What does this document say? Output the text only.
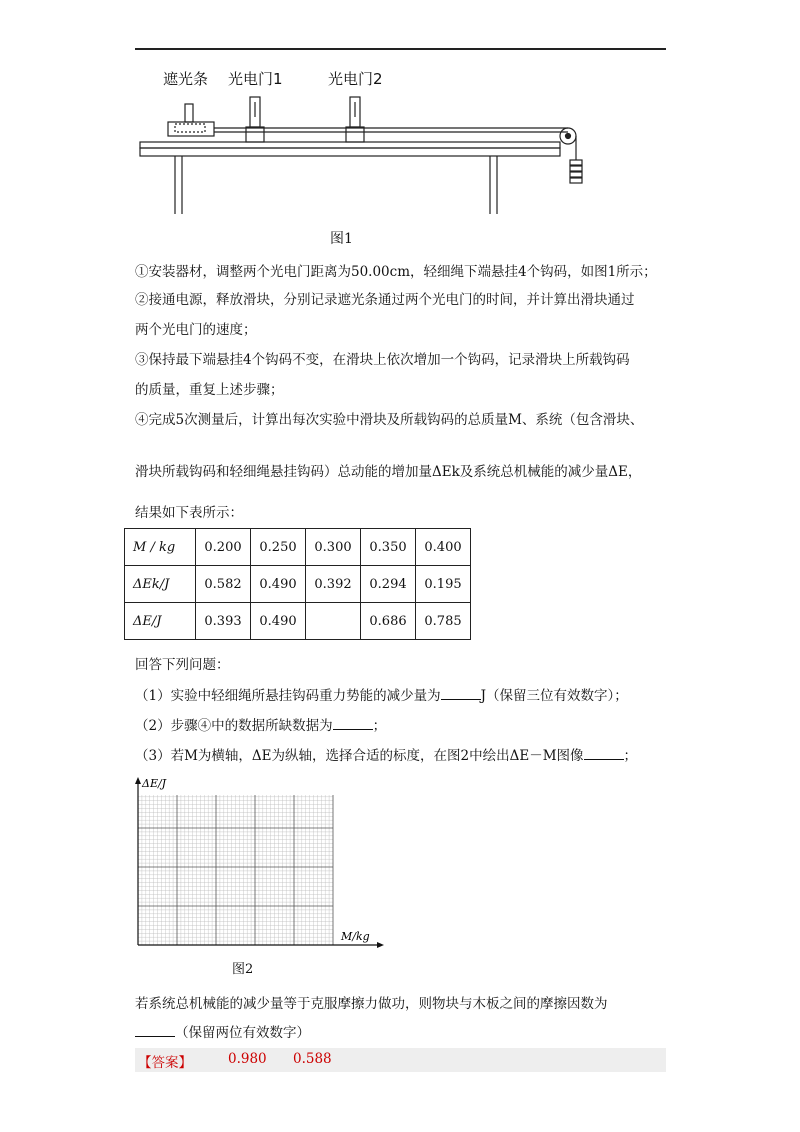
遮光条 光电门1	光电门2
图1
①安装器材，调整两个光电门距离为50.00cm，轻细绳下端悬挂4个钩码，如图1所示；
②接通电源，释放滑块，分别记录遮光条通过两个光电门的时间，并计算出滑块通过
两个光电门的速度；
③保持最下端悬挂4个钩码不变，在滑块上依次增加一个钩码，记录滑块上所载钩码
的质量，重复上述步骤；
④完成5次测量后，计算出每次实验中滑块及所载钩码的总质量M、系统（包含滑块、
滑块所载钩码和轻细绳悬挂钩码）总动能的增加量ΔEk及系统总机械能的减少量ΔE，
结果如下表所示：
M / kg	0.200	0.250	0.300	0.350	0.400
ΔEk/J	0.582	0.490	0.392	0.294	0.195
ΔE/J	0.393	0.490		0.686	0.785
回答下列问题：
（1）实验中轻细绳所悬挂钩码重力势能的减少量为	J（保留三位有效数字）；
（2）步骤④中的数据所缺数据为	；
（3）若M为横轴，ΔE为纵轴，选择合适的标度，在图2中绘出ΔE－M图像	；
ΔE/J
M/kg
图2
若系统总机械能的减少量等于克服摩擦力做功，则物块与木板之间的摩擦因数为
（保留两位有效数字）
【答案】	0.980 0.588
